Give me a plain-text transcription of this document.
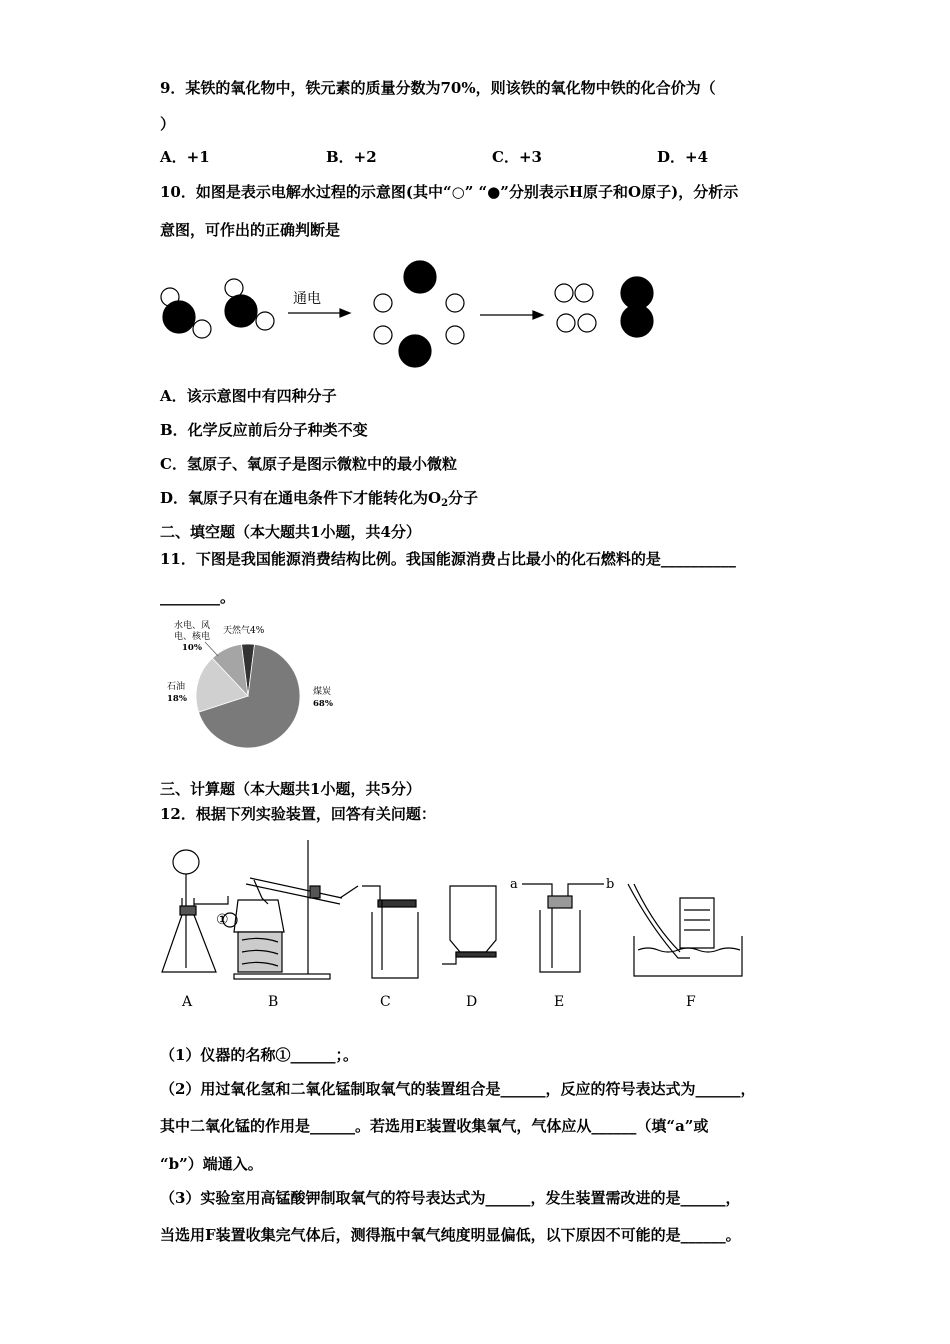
9．某铁的氧化物中，铁元素的质量分数为70%，则该铁的氧化物中铁的化合价为（
）
A．+1	B．+2	C．+3	D．+4
10．如图是表示电解水过程的示意图(其中“○” “●”分别表示H原子和O原子)，分析示
意图，可作出的正确判断是
通电
A．该示意图中有四种分子
B．化学反应前后分子种类不变
C．氢原子、氧原子是图示微粒中的最小微粒
D．氧原子只有在通电条件下才能转化为$O_2$分子
二、填空题（本大题共1小题，共4分）
11．下图是我国能源消费结构比例。我国能源消费占比最小的化石燃料的是__________
________。
水电、风
电、核电
10%
天然气4%
石油
18%
煤炭
68%
三、计算题（本大题共1小题，共5分）
12．根据下列实验装置，回答有关问题：
A	B	C	D	E	F
①
a	b
（1）仪器的名称①______；。
（2）用过氧化氢和二氧化锰制取氧气的装置组合是______，反应的符号表达式为______，
其中二氧化锰的作用是______。若选用E装置收集氧气，气体应从______（填“a”或
“b”）端通入。
（3）实验室用高锰酸钾制取氧气的符号表达式为______，发生装置需改进的是______，
当选用F装置收集完气体后，测得瓶中氧气纯度明显偏低，以下原因不可能的是______。
